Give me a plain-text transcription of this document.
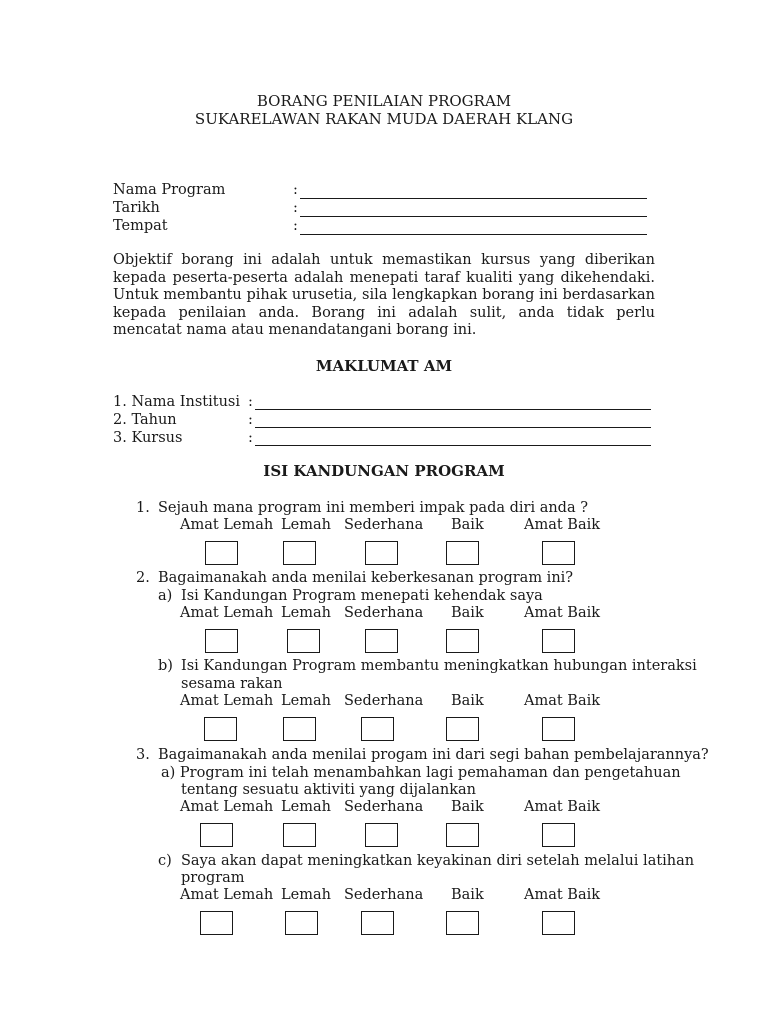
BORANG PENILAIAN PROGRAM
SUKARELAWAN RAKAN MUDA DAERAH KLANG
Nama Program	:
Tarikh	:
Tempat	:
Objektif borang ini adalah untuk memastikan kursus yang diberikan kepada peserta-peserta adalah menepati taraf kualiti yang dikehendaki. Untuk membantu pihak urusetia, sila lengkapkan borang ini berdasarkan kepada penilaian anda. Borang ini adalah sulit, anda tidak perlu mencatat nama atau menandatangani borang ini.
MAKLUMAT AM
1. Nama Institusi :
2. Tahun	:
3. Kursus	:
ISI KANDUNGAN PROGRAM
1. Sejauh mana program ini memberi impak pada diri anda ?
Amat Lemah Lemah Sederhana Baik	Amat Baik
2. Bagaimanakah anda menilai keberkesanan program ini?
a) Isi Kandungan Program menepati kehendak saya
Amat Lemah Lemah Sederhana Baik	Amat Baik
b) Isi Kandungan Program membantu meningkatkan hubungan interaksi
sesama rakan
Amat Lemah Lemah Sederhana Baik	Amat Baik
3. Bagaimanakah anda menilai progam ini dari segi bahan pembelajarannya?
a) Program ini telah menambahkan lagi pemahaman dan pengetahuan
tentang sesuatu aktiviti yang dijalankan
Amat Lemah Lemah Sederhana Baik	Amat Baik
c) Saya akan dapat meningkatkan keyakinan diri setelah melalui latihan
program
Amat Lemah Lemah Sederhana Baik	Amat Baik
